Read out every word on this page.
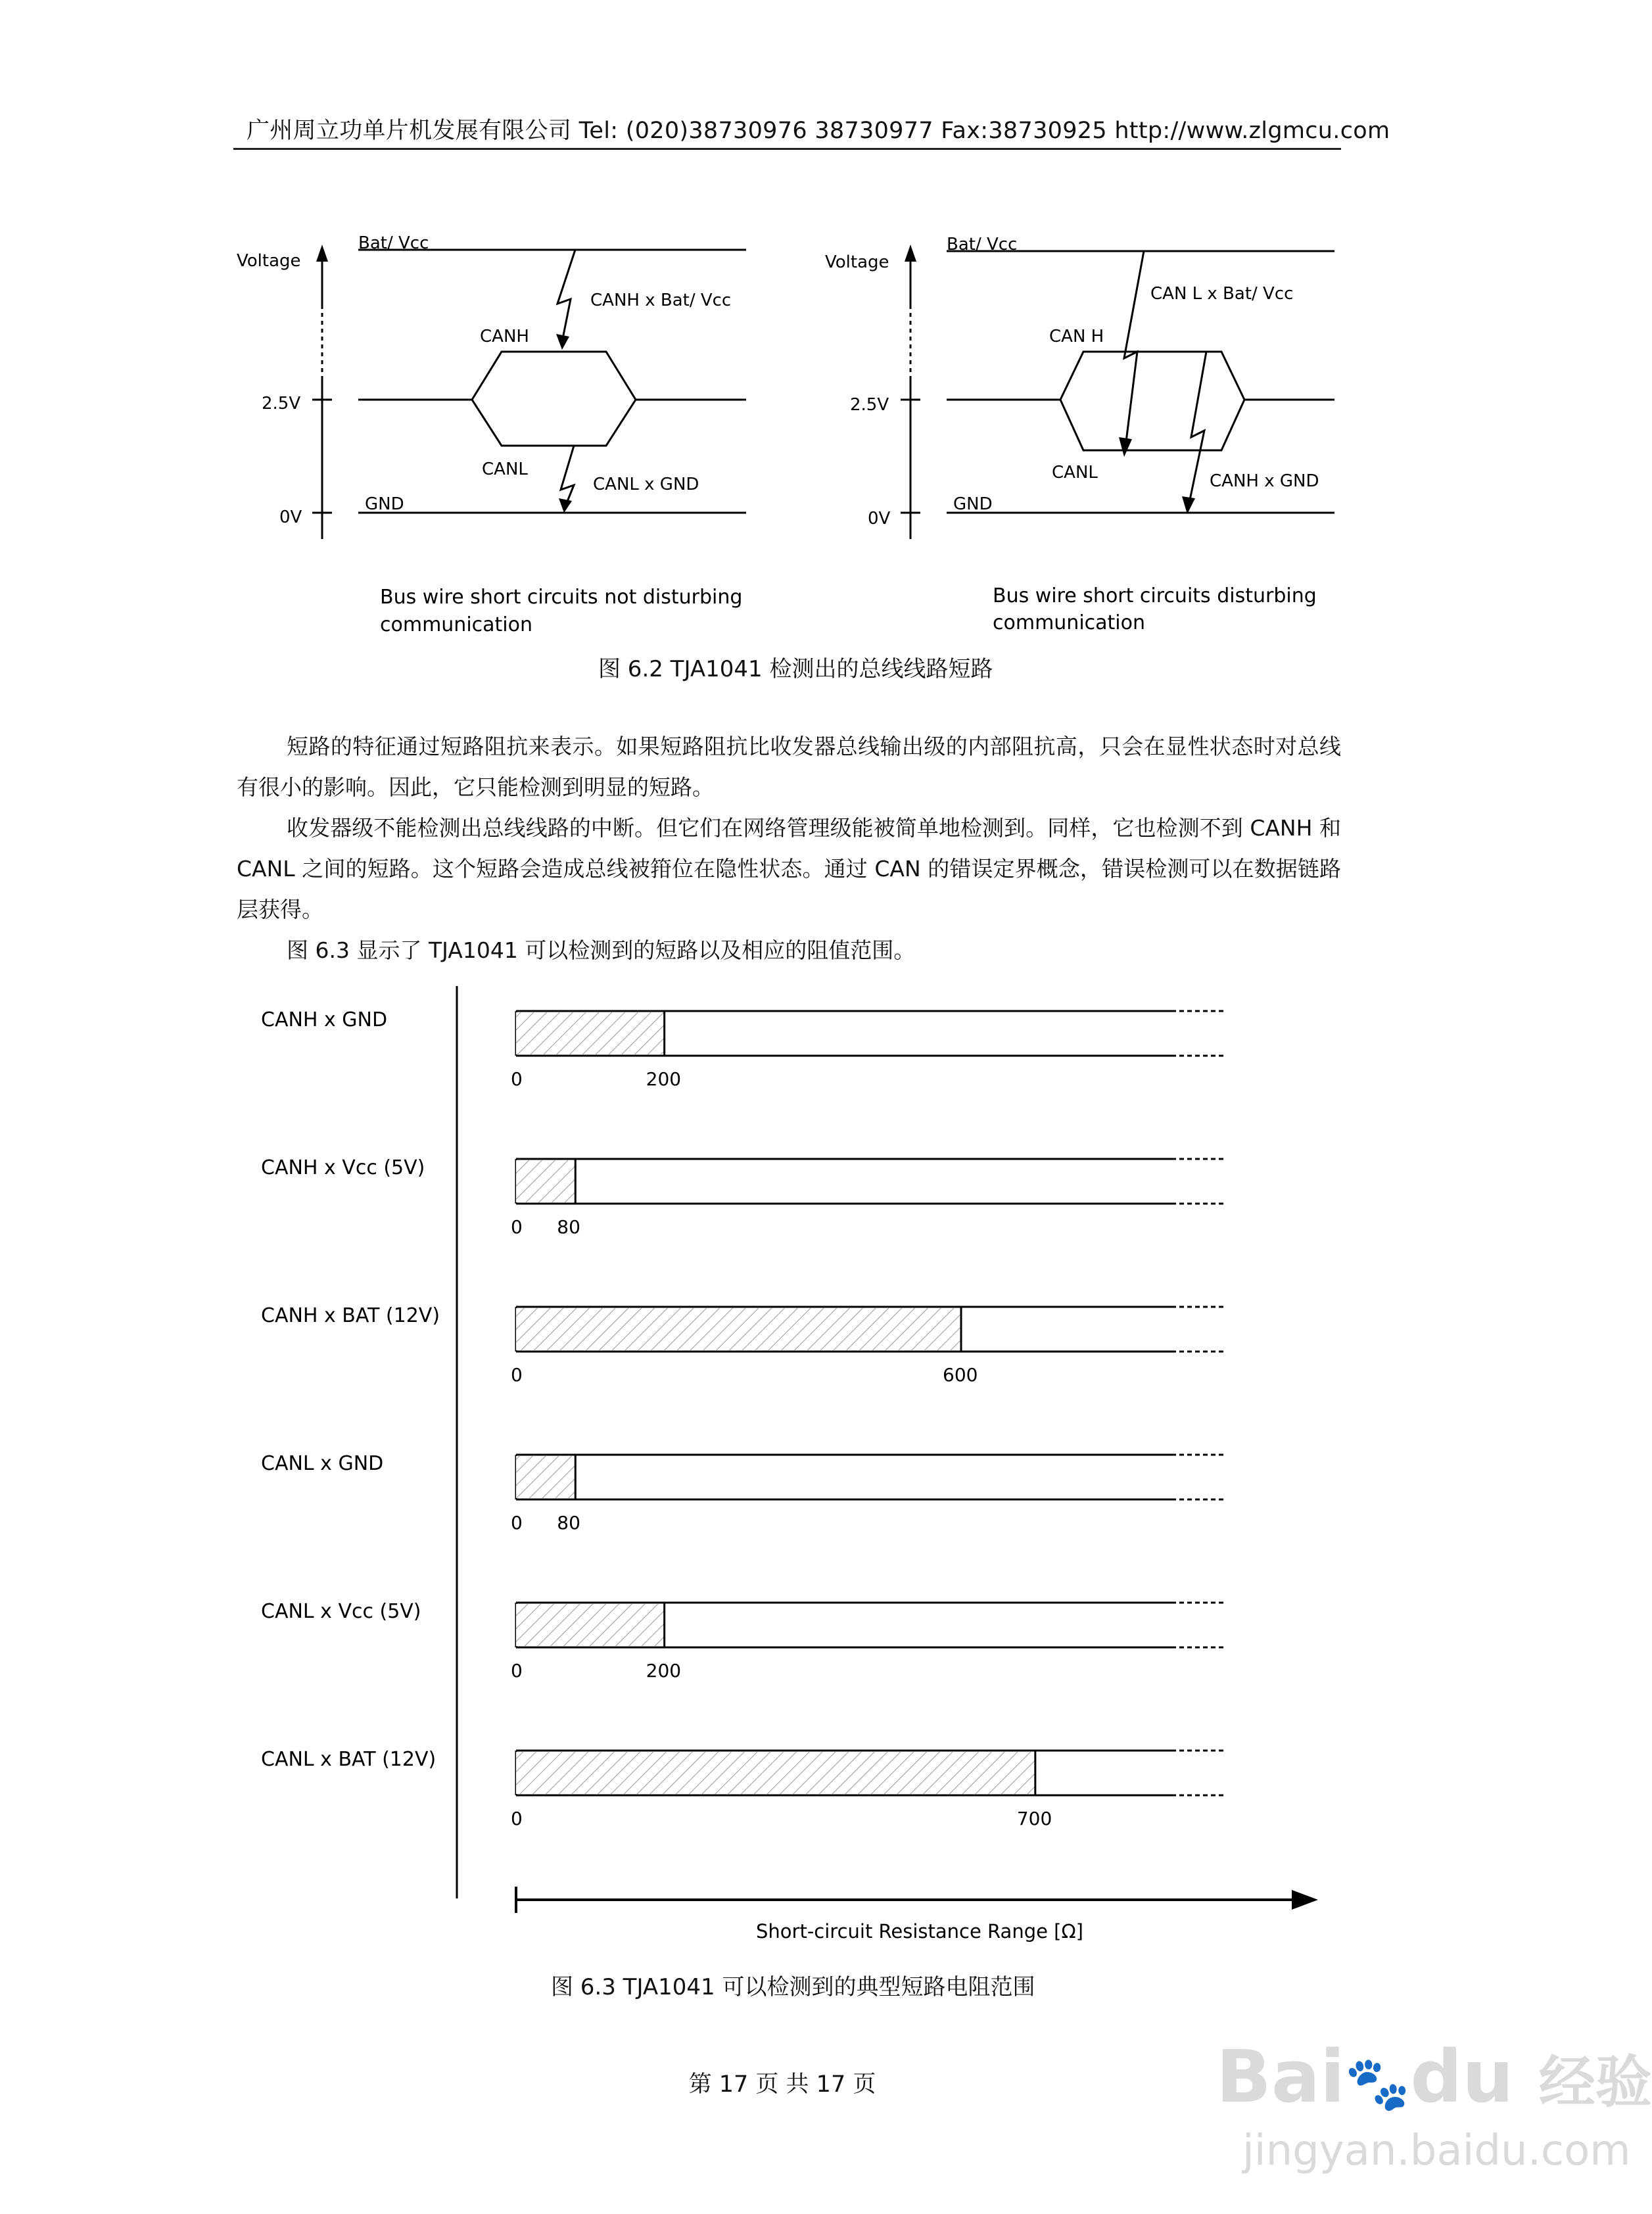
广州周立功单片机发展有限公司 Tel: (020)38730976 38730977 Fax:38730925 http://www.zlgmcu.com
Voltage
Bat/ Vcc
2.5V
0V
GND
CANH
CANL
CANH x Bat/ Vcc
CANL x GND
Bus wire short circuits not disturbing
communication
Voltage
Bat/ Vcc
2.5V
0V
GND
CAN H
CANL
CAN L x Bat/ Vcc
CANH x GND
Bus wire short circuits disturbing
communication
图 6.2 TJA1041 检测出的总线线路短路
短路的特征通过短路阻抗来表示。如果短路阻抗比收发器总线输出级的内部阻抗高，只会在显性状态时对总线有很小的影响。因此，它只能检测到明显的短路。
收发器级不能检测出总线线路的中断。但它们在网络管理级能被简单地检测到。同样，它也检测不到 CANH 和 CANL 之间的短路。这个短路会造成总线被箝位在隐性状态。通过 CAN 的错误定界概念，错误检测可以在数据链路层获得。
图 6.3 显示了 TJA1041 可以检测到的短路以及相应的阻值范围。
CANH x GND
0	200
CANH x Vcc (5V)
0 80
CANH x BAT (12V)
0	600
CANL x GND
0 80
CANL x Vcc (5V)
0	200
CANL x BAT (12V)
0	700
Short-circuit Resistance Range [Ω]
图 6.3 TJA1041 可以检测到的典型短路电阻范围
第 17 页 共 17 页	Bai🐾du 经验
jingyan.baidu.com
